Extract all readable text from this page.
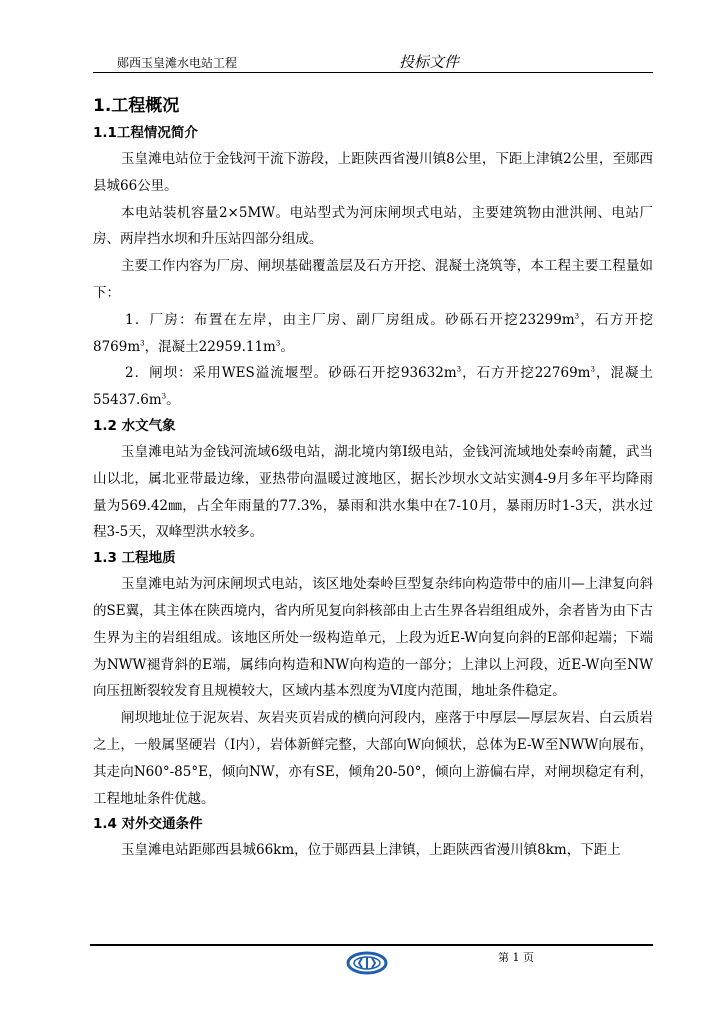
郧西玉皇滩水电站工程	投标文件
1.工程概况
1.1工程情况简介

玉皇滩电站位于金钱河干流下游段，上距陕西省漫川镇8公里，下距上津镇2公里，至郧西县城66公里。

本电站装机容量2×5MW。电站型式为河床闸坝式电站，主要建筑物由泄洪闸、电站厂房、两岸挡水坝和升压站四部分组成。

主要工作内容为厂房、闸坝基础覆盖层及石方开挖、混凝土浇筑等，本工程主要工程量如下：

1．厂房：布置在左岸，由主厂房、副厂房组成。砂砾石开挖$23299m^3$，石方开挖$8769m^3$，混凝土$22959.11m^3$。

2．闸坝：采用WES溢流堰型。砂砾石开挖$93632m^3$，石方开挖$22769m^3$，混凝土$55437.6m^3$。

1.2 水文气象

玉皇滩电站为金钱河流域6级电站，湖北境内第Ⅰ级电站，金钱河流域地处秦岭南麓，武当山以北，属北亚带最边缘，亚热带向温暖过渡地区，据长沙坝水文站实测4-9月多年平均降雨量为569.42㎜，占全年雨量的77.3%，暴雨和洪水集中在7-10月，暴雨历时1-3天，洪水过程3-5天，双峰型洪水较多。

1.3 工程地质

玉皇滩电站为河床闸坝式电站，该区地处秦岭巨型复杂纬向构造带中的庙川—上津复向斜的SE翼，其主体在陕西境内，省内所见复向斜核部由上古生界各岩组组成外，余者皆为由下古生界为主的岩组组成。该地区所处一级构造单元，上段为近E-W向复向斜的E部仰起端；下端为NWW褪背斜的E端，属纬向构造和NW向构造的一部分；上津以上河段，近E-W向至NW向压扭断裂较发育且规模较大，区域内基本烈度为Ⅵ度内范围，地址条件稳定。

闸坝地址位于泥灰岩、灰岩夹页岩成的横向河段内，座落于中厚层—厚层灰岩、白云质岩之上，一般属坚硬岩（Ⅰ内），岩体新鲜完整，大部向W向倾状，总体为E-W至NWW向展布，其走向N60°-85°E，倾向NW，亦有SE，倾角20-50°，倾向上游偏右岸，对闸坝稳定有利，工程地址条件优越。

1.4 对外交通条件

玉皇滩电站距郧西县城66km，位于郧西县上津镇，上距陕西省漫川镇8km，下距上

第 1 页
